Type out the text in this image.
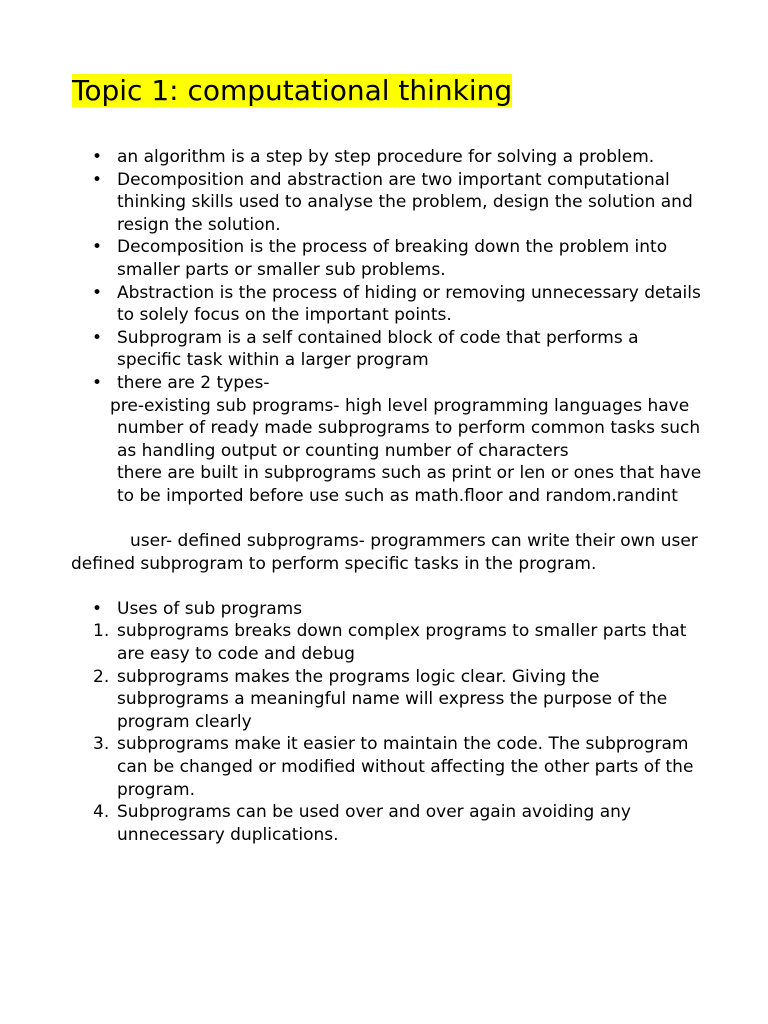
Topic 1: computational thinking
• an algorithm is a step by step procedure for solving a problem.
• Decomposition and abstraction are two important computational thinking skills used to analyse the problem, design the solution and resign the solution.
• Decomposition is the process of breaking down the problem into smaller parts or smaller sub problems.
• Abstraction is the process of hiding or removing unnecessary details to solely focus on the important points.
• Subprogram is a self contained block of code that performs a specific task within a larger program
• there are 2 types-
pre-existing sub programs- high level programming languages have number of ready made subprograms to perform common tasks such as handling output or counting number of characters
there are built in subprograms such as print or len or ones that have to be imported before use such as math.floor and random.randint
user- defined subprograms- programmers can write their own user defined subprogram to perform specific tasks in the program.
• Uses of sub programs
1. subprograms breaks down complex programs to smaller parts that are easy to code and debug
2. subprograms makes the programs logic clear. Giving the subprograms a meaningful name will express the purpose of the program clearly
3. subprograms make it easier to maintain the code. The subprogram can be changed or modified without affecting the other parts of the program.
4. Subprograms can be used over and over again avoiding any unnecessary duplications.
